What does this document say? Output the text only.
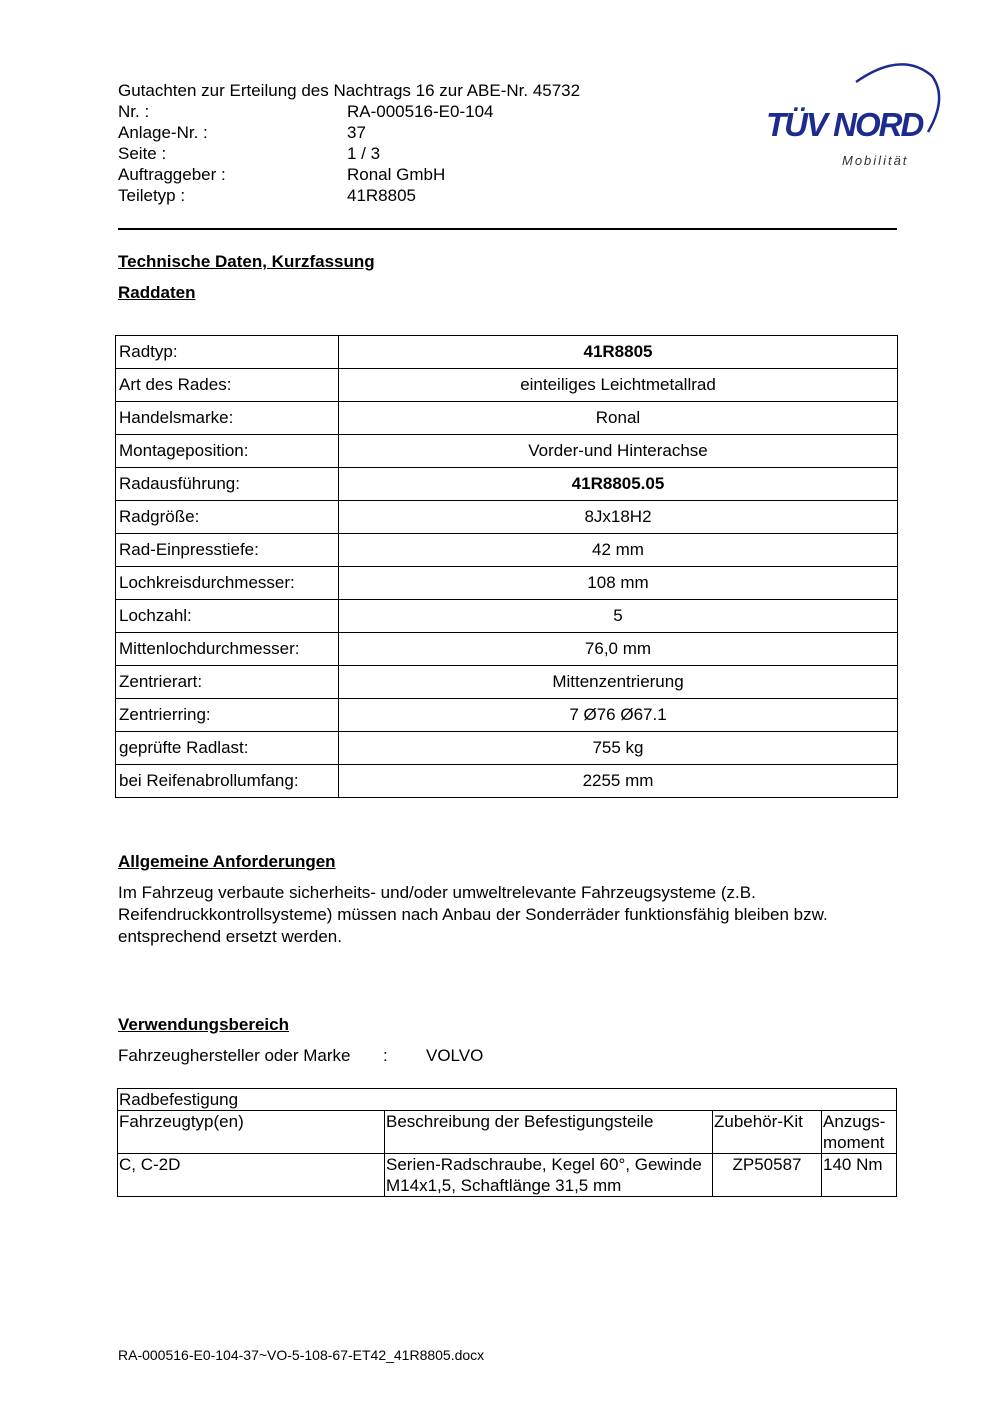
Gutachten zur Erteilung des Nachtrags 16 zur ABE-Nr. 45732
Nr. :	RA-000516-E0-104
Anlage-Nr. :	37
Seite :	1 / 3
Auftraggeber :	Ronal GmbH
Teiletyp :	41R8805
TÜV NORD
Mobilität
Technische Daten, Kurzfassung
Raddaten
Radtyp:	41R8805
Art des Rades:	einteiliges Leichtmetallrad
Handelsmarke:	Ronal
Montageposition:	Vorder-und Hinterachse
Radausführung:	41R8805.05
Radgröße:	8Jx18H2
Rad-Einpresstiefe:	42 mm
Lochkreisdurchmesser:	108 mm
Lochzahl:	5
Mittenlochdurchmesser:	76,0 mm
Zentrierart:	Mittenzentrierung
Zentrierring:	7 Ø76 Ø67.1
geprüfte Radlast:	755 kg
bei Reifenabrollumfang:	2255 mm
Allgemeine Anforderungen
Im Fahrzeug verbaute sicherheits- und/oder umweltrelevante Fahrzeugsysteme (z.B. Reifendruckkontrollsysteme) müssen nach Anbau der Sonderräder funktionsfähig bleiben bzw. entsprechend ersetzt werden.
Verwendungsbereich
Fahrzeughersteller oder Marke : VOLVO
Radbefestigung			
Fahrzeugtyp(en)	Beschreibung der Befestigungsteile	Zubehör-Kit	Anzugs-moment
C, C-2D	Serien-Radschraube, Kegel 60°, Gewinde M14x1,5, Schaftlänge 31,5 mm	ZP50587	140 Nm
RA-000516-E0-104-37~VO-5-108-67-ET42_41R8805.docx
